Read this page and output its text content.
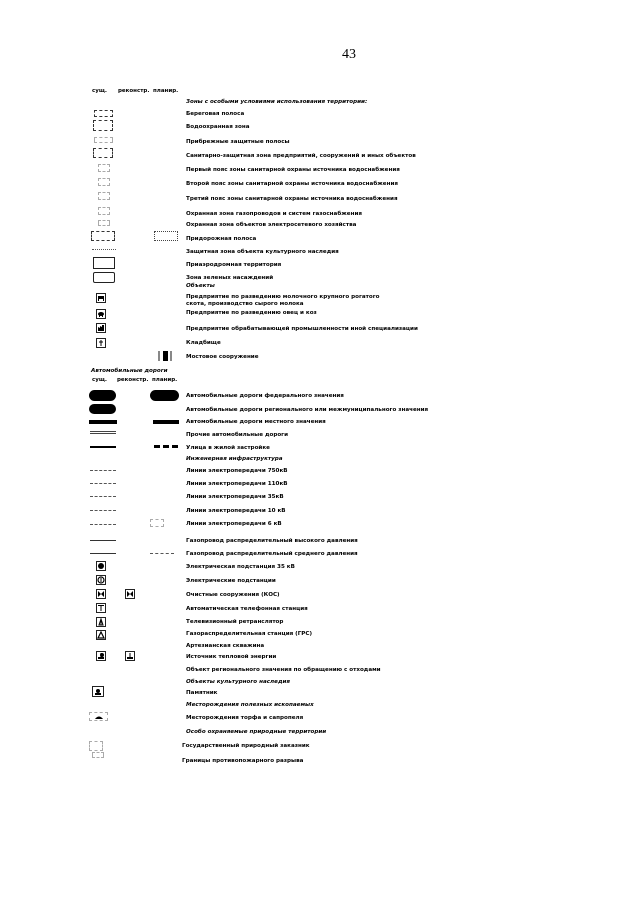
43
сущ. реконстр. планир.
Зоны с особыми условиями использования территории:
Береговая полоса
Водоохранная зона
Прибрежные защитные полосы
Санитарно-защитная зона предприятий, сооружений и иных объектов
Первый пояс зоны санитарной охраны источника водоснабжения
Второй пояс зоны санитарной охраны источника водоснабжения
Третий пояс зоны санитарной охраны источника водоснабжения
Охранная зона газопроводов и систем газоснабжения
Охранная зона объектов электросетевого хозяйства
Придорожная полоса
Защитная зона объекта культурного наследия
Приаэродромная территория
Зона зеленых насаждений
Объекты
Предприятие по разведению молочного крупного рогатого
скота, производство сырого молока
Предприятие по разведению овец и коз
Предприятие обрабатывающей промышленности иной специализации
Кладбище
Мостовое сооружение
Автомобильные дороги
сущ. реконстр. планир.
Автомобильные дороги федерального значения
Автомобильные дороги регионального или межмуниципального значения
Автомобильные дороги местного значения
Прочие автомобильные дороги
Улица в жилой застройке
Инженерная инфраструктура
Линии электропередачи 750кВ
Линии электропередачи 110кВ
Линии электропередачи 35кВ
Линии электропередачи 10 кВ
Линии электропередачи 6 кВ
Газопровод распределительный высокого давления
Газопровод распределительный среднего давления
Электрическая подстанция 35 кВ
Электрические подстанции
Очистные сооружения (КОС)
Автоматическая телефонная станция
Телевизионный ретранслятор
Газораспределительная станция (ГРС)
Артезианская скважина
Источник тепловой энергии
Объект регионального значения по обращению с отходами
Объекты культурного наследия
Памятник
Месторождения полезных ископаемых
Месторождения торфа и сапропеля
Особо охраняемые природные территории
Государственный природный заказник
Границы противопожарного разрыва
